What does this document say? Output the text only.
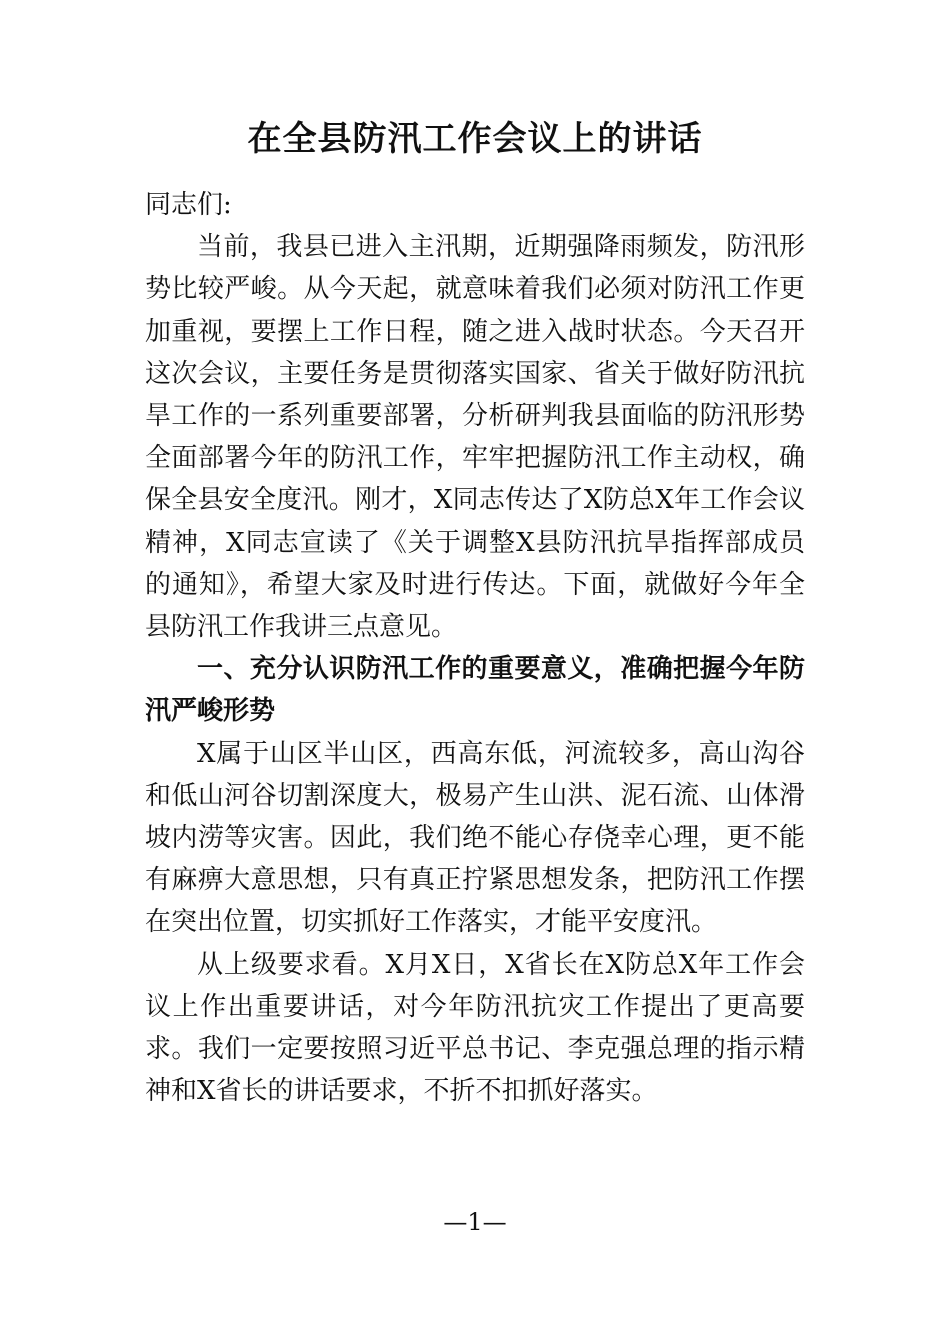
在全县防汛工作会议上的讲话

同志们:

当前，我县已进入主汛期，近期强降雨频发，防汛形势比较严峻。从今天起，就意味着我们必须对防汛工作更加重视，要摆上工作日程，随之进入战时状态。今天召开这次会议，主要任务是贯彻落实国家、省关于做好防汛抗旱工作的一系列重要部署，分析研判我县面临的防汛形势全面部署今年的防汛工作，牢牢把握防汛工作主动权，确保全县安全度汛。刚才，X同志传达了X防总X年工作会议精神，X同志宣读了《关于调整X县防汛抗旱指挥部成员的通知》，希望大家及时进行传达。下面，就做好今年全县防汛工作我讲三点意见。

一、充分认识防汛工作的重要意义，准确把握今年防汛严峻形势

X属于山区半山区，西高东低，河流较多，高山沟谷和低山河谷切割深度大，极易产生山洪、泥石流、山体滑坡内涝等灾害。因此，我们绝不能心存侥幸心理，更不能有麻痹大意思想，只有真正拧紧思想发条，把防汛工作摆在突出位置，切实抓好工作落实，才能平安度汛。

从上级要求看。X月X日，X省长在X防总X年工作会议上作出重要讲话，对今年防汛抗灾工作提出了更高要求。我们一定要按照习近平总书记、李克强总理的指示精神和X省长的讲话要求，不折不扣抓好落实。

—1—
